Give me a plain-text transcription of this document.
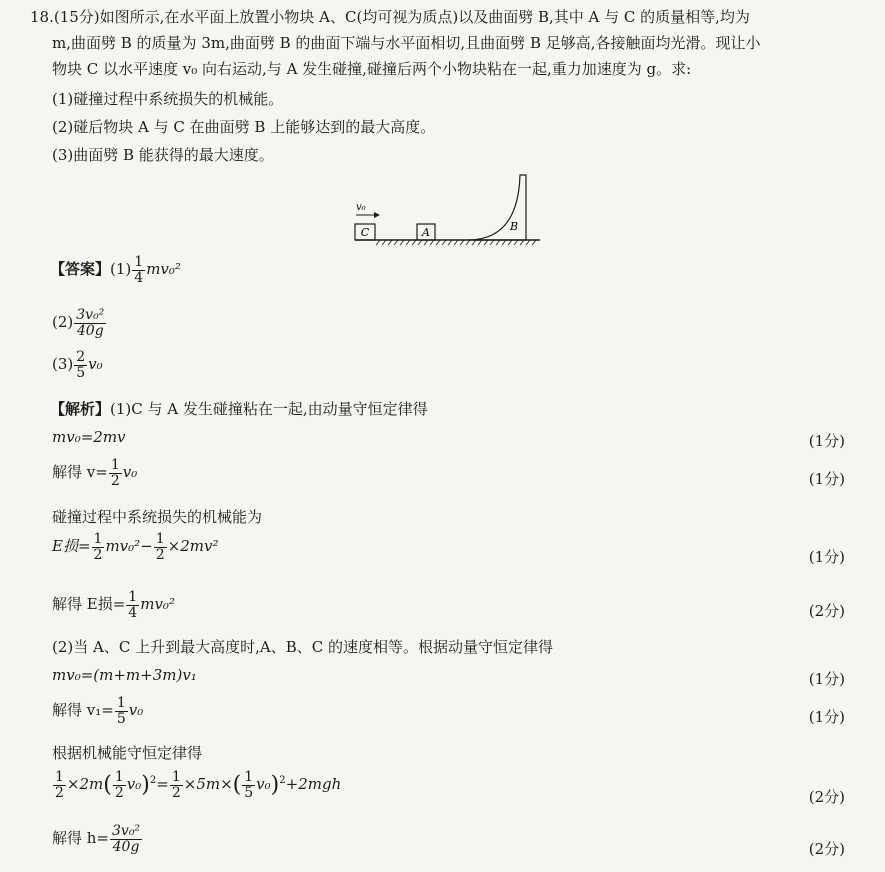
18.(15分)如图所示,在水平面上放置小物块 A、C(均可视为质点)以及曲面劈 B,其中 A 与 C 的质量相等,均为
m,曲面劈 B 的质量为 3m,曲面劈 B 的曲面下端与水平面相切,且曲面劈 B 足够高,各接触面均光滑。现让小
物块 C 以水平速度 v₀ 向右运动,与 A 发生碰撞,碰撞后两个小物块粘在一起,重力加速度为 g。求:
(1)碰撞过程中系统损失的机械能。
(2)碰后物块 A 与 C 在曲面劈 B 上能够达到的最大高度。
(3)曲面劈 B 能获得的最大速度。
C
v₀
A	B
【答案】$(1) \frac{1}{4} mv_0^2$
$(2) \frac{\text{3v₀²}}{40g}$
$(3) \frac{2}{5} v_0$
【解析】(1)C 与 A 发生碰撞粘在一起,由动量守恒定律得
mv₀=2mv	(1分)
解得 $v= \frac{1}{2} v_0$	(1分)
碰撞过程中系统损失的机械能为
E损= $\frac{1}{2} mv_0^2- \frac{1}{2} \times 2mv^2$
(1分)
解得 E损= $\frac{1}{4} mv_0^2$	(2分)
(2)当 A、C 上升到最大高度时,A、B、C 的速度相等。根据动量守恒定律得
mv₀=(m+m+3m)v₁	(1分)
解得 $v_1= \frac{1}{5} v_0$	(1分)
根据机械能守恒定律得
$\frac{1}{2} \times 2m( \frac{1}{2} v_0)^2= \frac{1}{2} \times 5m\times( \frac{1}{5} v_0)^2+2mgh$
(2分)
解得 $h= \frac{\text{3v₀²}}{40g}$	(2分)
